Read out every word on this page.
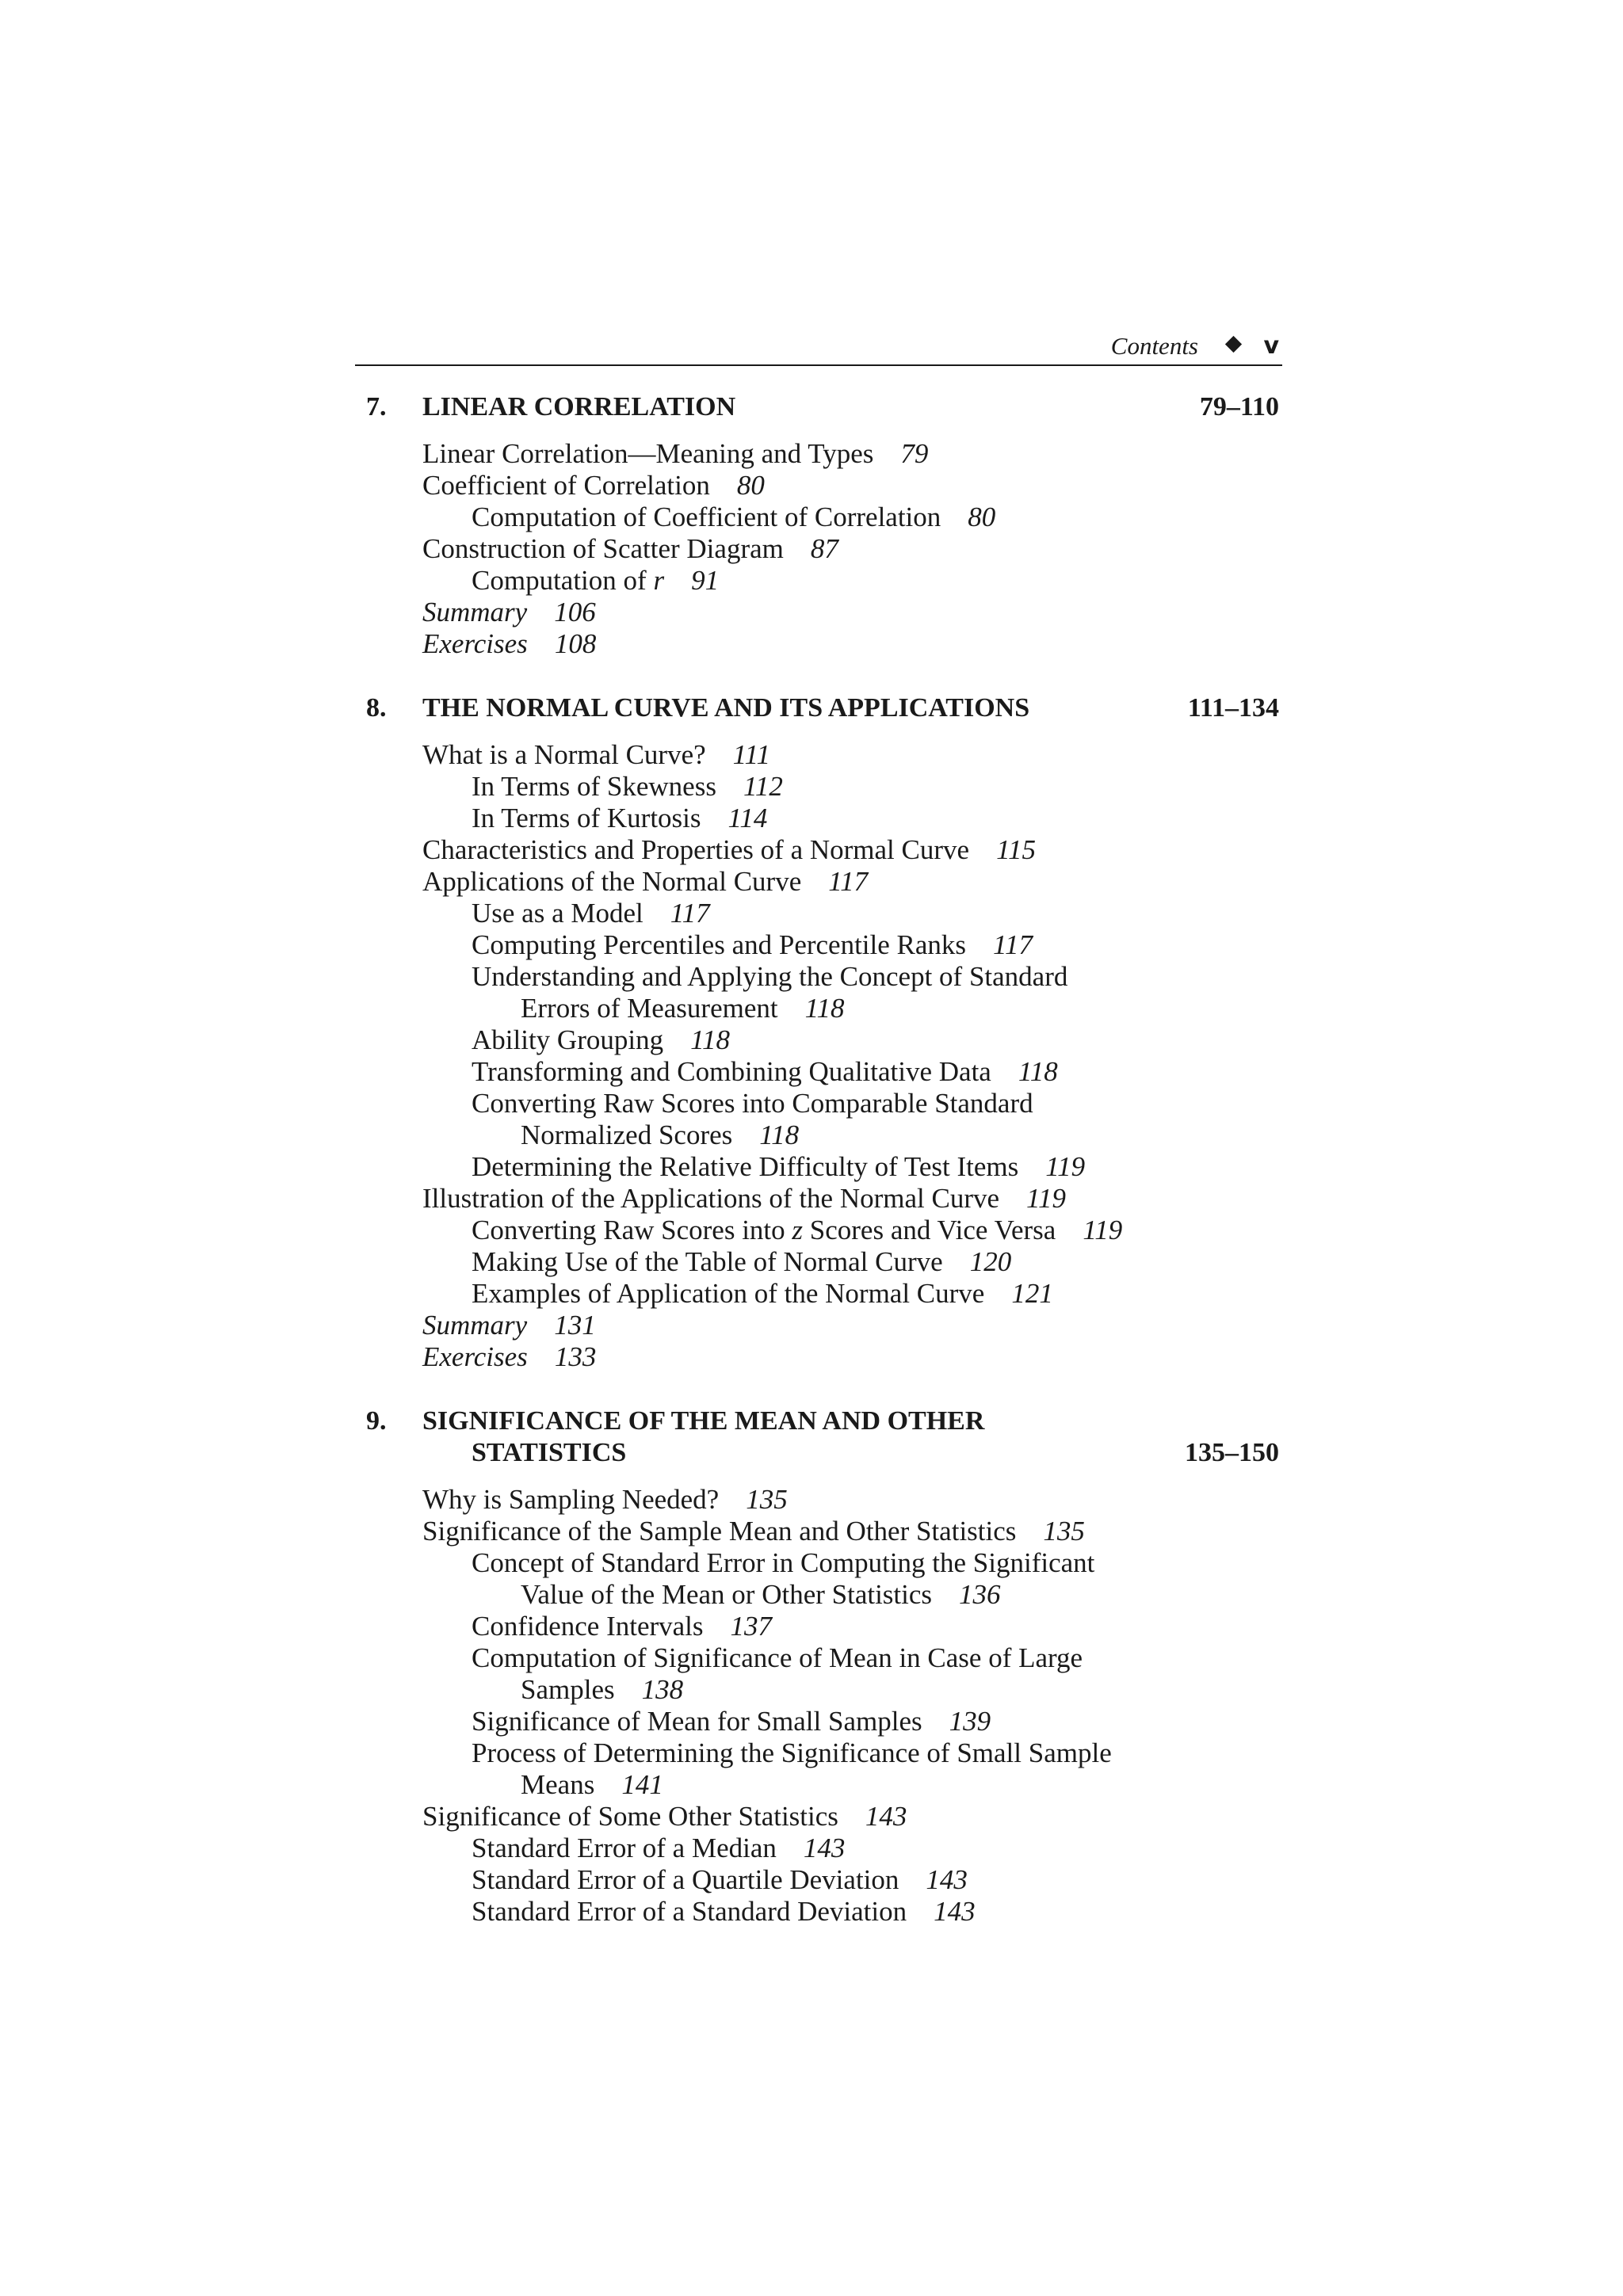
Contents	v
7. LINEAR CORRELATION	79–110
Linear Correlation—Meaning and Types 79
Coefficient of Correlation 80
Computation of Coefficient of Correlation 80
Construction of Scatter Diagram 87
Computation of r 91
Summary 106
Exercises 108
8. THE NORMAL CURVE AND ITS APPLICATIONS	111–134
What is a Normal Curve? 111
In Terms of Skewness 112
In Terms of Kurtosis 114
Characteristics and Properties of a Normal Curve 115
Applications of the Normal Curve 117
Use as a Model 117
Computing Percentiles and Percentile Ranks 117
Understanding and Applying the Concept of Standard
Errors of Measurement 118
Ability Grouping 118
Transforming and Combining Qualitative Data 118
Converting Raw Scores into Comparable Standard
Normalized Scores 118
Determining the Relative Difficulty of Test Items 119
Illustration of the Applications of the Normal Curve 119
Converting Raw Scores into z Scores and Vice Versa 119
Making Use of the Table of Normal Curve 120
Examples of Application of the Normal Curve 121
Summary 131
Exercises 133
9. SIGNIFICANCE OF THE MEAN AND OTHER
STATISTICS	135–150
Why is Sampling Needed? 135
Significance of the Sample Mean and Other Statistics 135
Concept of Standard Error in Computing the Significant
Value of the Mean or Other Statistics 136
Confidence Intervals 137
Computation of Significance of Mean in Case of Large
Samples 138
Significance of Mean for Small Samples 139
Process of Determining the Significance of Small Sample
Means 141
Significance of Some Other Statistics 143
Standard Error of a Median 143
Standard Error of a Quartile Deviation 143
Standard Error of a Standard Deviation 143
